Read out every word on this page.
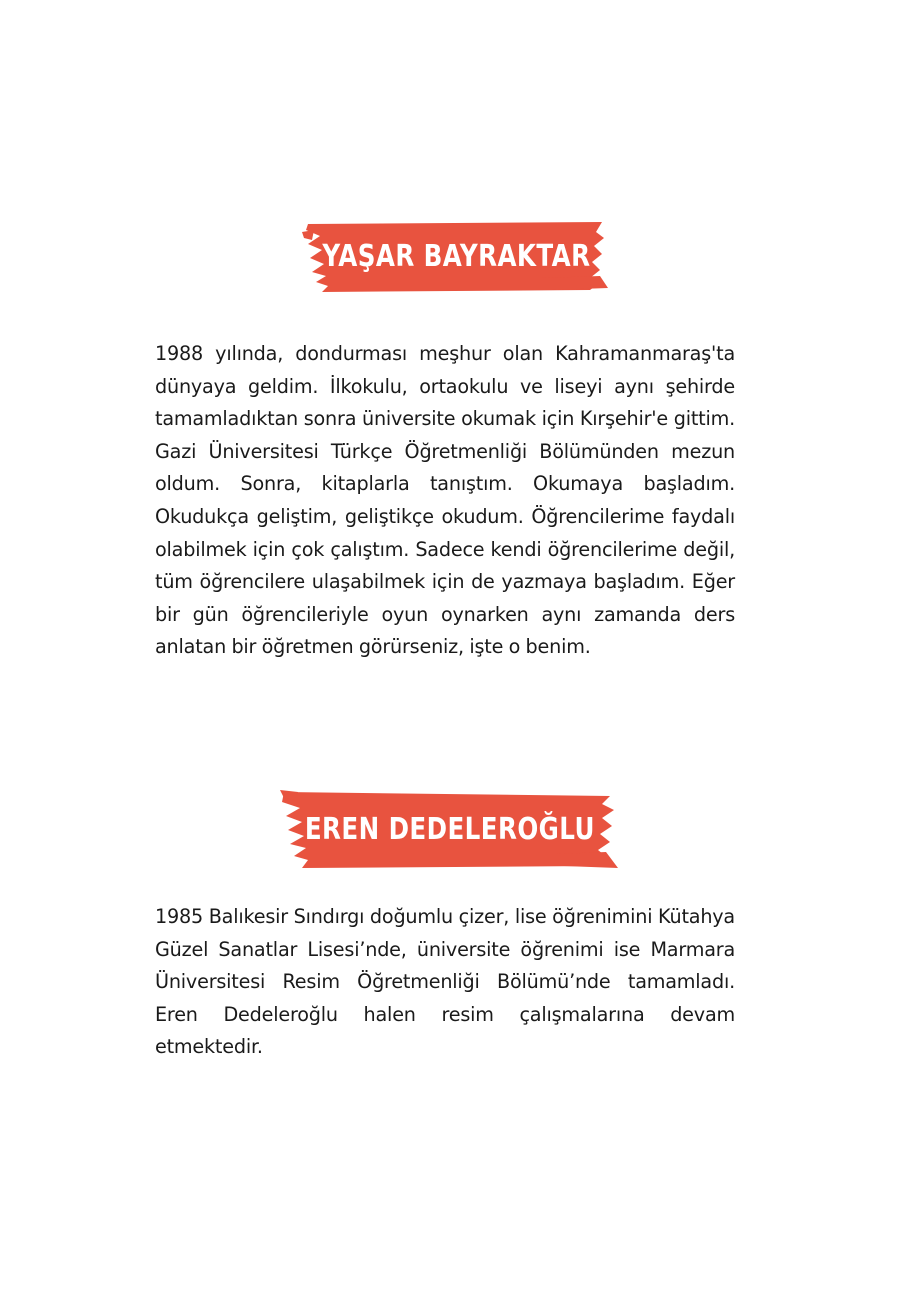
YAŞAR BAYRAKTAR

1988 yılında, dondurması meşhur olan Kahramanmaraş'ta dünyaya geldim. İlkokulu, ortaokulu ve liseyi aynı şehirde tamamladıktan sonra üniversite okumak için Kırşehir'e gittim. Gazi Üniversitesi Türkçe Öğretmenliği Bölümünden mezun oldum. Sonra, kitaplarla tanıştım. Okumaya başladım. Okudukça geliştim, geliştikçe okudum. Öğrencilerime faydalı olabilmek için çok çalıştım. Sadece kendi öğrencilerime değil, tüm öğrencilere ulaşabilmek için de yazmaya başladım. Eğer bir gün öğrencileriyle oyun oynarken aynı zamanda ders anlatan bir öğretmen görürseniz, işte o benim.

EREN DEDELEROĞLU

1985 Balıkesir Sındırgı doğumlu çizer, lise öğrenimini Kütahya Güzel Sanatlar Lisesi’nde, üniversite öğrenimi ise Marmara Üniversitesi Resim Öğretmenliği Bölümü’nde tamamladı. Eren Dedeleroğlu halen resim çalışmalarına devam etmektedir.
